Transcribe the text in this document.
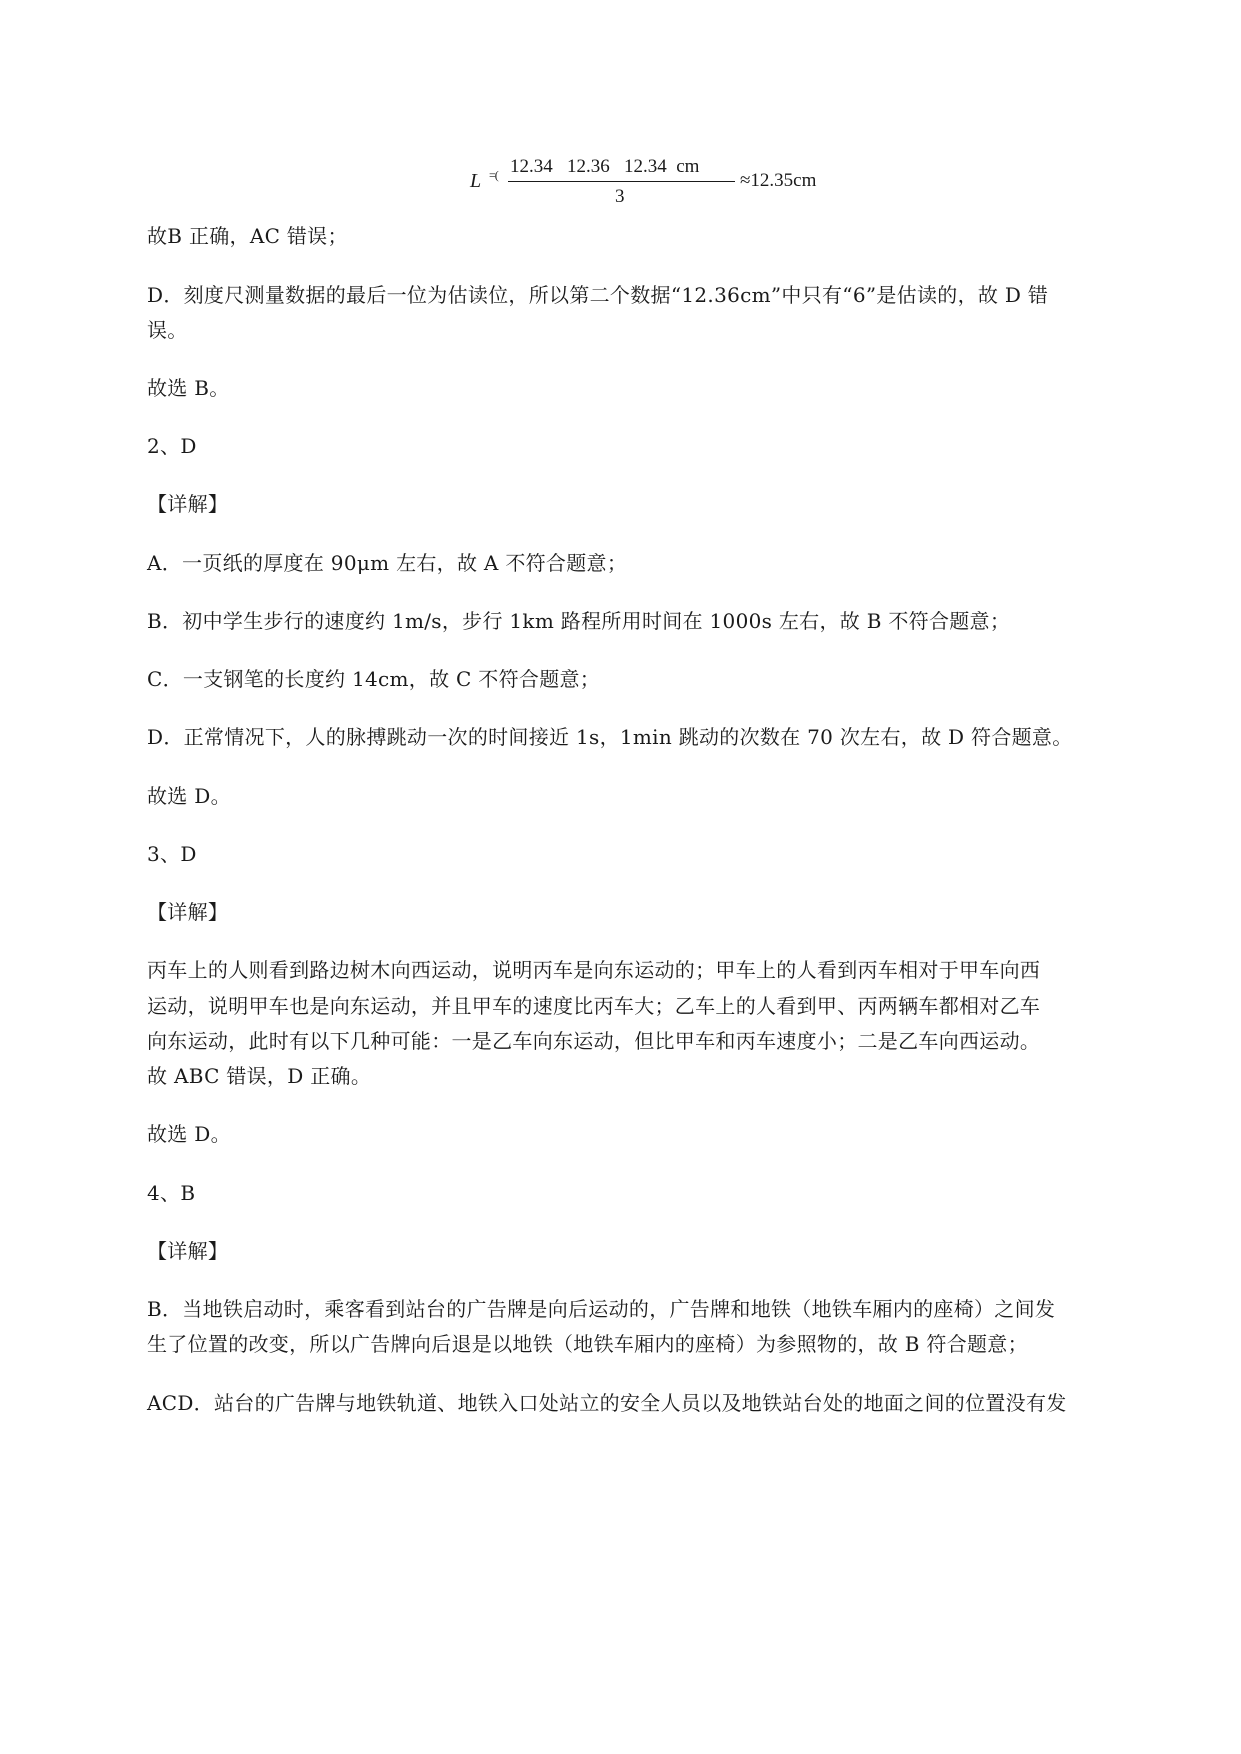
L =( 12.34   12.36   12.34  cm
3
≈12.35cm
故B 正确，AC 错误；
D．刻度尺测量数据的最后一位为估读位，所以第二个数据“12.36cm”中只有“6”是估读的，故 D 错
误。
故选 B。
2、D
【详解】
A．一页纸的厚度在 90μm 左右，故 A 不符合题意；
B．初中学生步行的速度约 1m/s，步行 1km 路程所用时间在 1000s 左右，故 B 不符合题意；
C．一支钢笔的长度约 14cm，故 C 不符合题意；
D．正常情况下，人的脉搏跳动一次的时间接近 1s，1min 跳动的次数在 70 次左右，故 D 符合题意。
故选 D。
3、D
【详解】
丙车上的人则看到路边树木向西运动，说明丙车是向东运动的；甲车上的人看到丙车相对于甲车向西
运动，说明甲车也是向东运动，并且甲车的速度比丙车大；乙车上的人看到甲、丙两辆车都相对乙车
向东运动，此时有以下几种可能：一是乙车向东运动，但比甲车和丙车速度小；二是乙车向西运动。
故 ABC 错误，D 正确。
故选 D。
4、B
【详解】
B．当地铁启动时，乘客看到站台的广告牌是向后运动的，广告牌和地铁（地铁车厢内的座椅）之间发
生了位置的改变，所以广告牌向后退是以地铁（地铁车厢内的座椅）为参照物的，故 B 符合题意；
ACD．站台的广告牌与地铁轨道、地铁入口处站立的安全人员以及地铁站台处的地面之间的位置没有发
